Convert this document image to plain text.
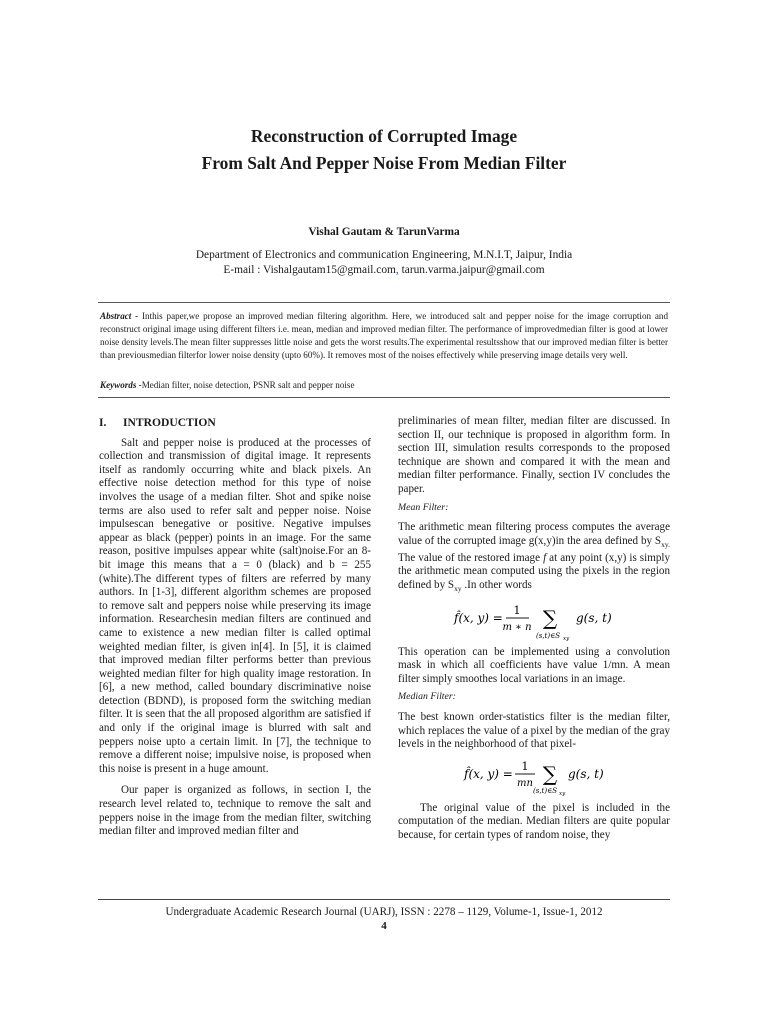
Reconstruction of Corrupted Image
From Salt And Pepper Noise From Median Filter
Vishal Gautam & TarunVarma
Department of Electronics and communication Engineering, M.N.I.T, Jaipur, India
E-mail : Vishalgautam15@gmail.com, tarun.varma.jaipur@gmail.com
Abstract - Inthis paper,we propose an improved median filtering algorithm. Here, we introduced salt and pepper noise for the image corruption and reconstruct original image using different filters i.e. mean, median and improved median filter. The performance of improvedmedian filter is good at lower noise density levels.The mean filter suppresses little noise and gets the worst results.The experimental resultsshow that our improved median filter is better than previousmedian filterfor lower noise density (upto 60%). It removes most of the noises effectively while preserving image details very well.
Keywords -Median filter, noise detection, PSNR salt and pepper noise
I. INTRODUCTION

Salt and pepper noise is produced at the processes of collection and transmission of digital image. It represents itself as randomly occurring white and black pixels. An effective noise detection method for this type of noise involves the usage of a median filter. Shot and spike noise terms are also used to refer salt and pepper noise. Noise impulsescan benegative or positive. Negative impulses appear as black (pepper) points in an image. For the same reason, positive impulses appear white (salt)noise.For an 8-bit image this means that a = 0 (black) and b = 255 (white).The different types of filters are referred by many authors. In [1-3], different algorithm schemes are proposed to remove salt and peppers noise while preserving its image information. Researchesin median filters are continued and came to existence a new median filter is called optimal weighted median filter, is given in[4]. In [5], it is claimed that improved median filter performs better than previous weighted median filter for high quality image restoration. In [6], a new method, called boundary discriminative noise detection (BDND), is proposed form the switching median filter. It is seen that the all proposed algorithm are satisfied if and only if the original image is blurred with salt and peppers noise upto a certain limit. In [7], the technique to remove a different noise; impulsive noise, is proposed when this noise is present in a huge amount.

Our paper is organized as follows, in section I, the research level related to, technique to remove the salt and peppers noise in the image from the median filter, switching median filter and improved median filter and

preliminaries of mean filter, median filter are discussed. In section II, our technique is proposed in algorithm form. In section III, simulation results corresponds to the proposed technique are shown and compared it with the mean and median filter performance. Finally, section IV concludes the paper.

Mean Filter:

The arithmetic mean filtering process computes the average value of the corrupted image g(x,y)in the area defined by $S_{xy.}$ The value of the restored image f at any point (x,y) is simply the arithmetic mean computed using the pixels in the region defined by $S_{xy}$ .In other words

f̂(x, y) =
1
m ∗ n ∑
(s,t)∈S xy
g(s, t)

This operation can be implemented using a convolution mask in which all coefficients have value 1/mn. A mean filter simply smoothes local variations in an image.

Median Filter:

The best known order-statistics filter is the median filter, which replaces the value of a pixel by the median of the gray levels in the neighborhood of that pixel-

f̂(x, y) =
1
mn ∑
(s,t)∈S xy
g(s, t)

The original value of the pixel is included in the computation of the median. Median filters are quite popular because, for certain types of random noise, they

Undergraduate Academic Research Journal (UARJ), ISSN : 2278 – 1129, Volume-1, Issue-1, 2012
4
